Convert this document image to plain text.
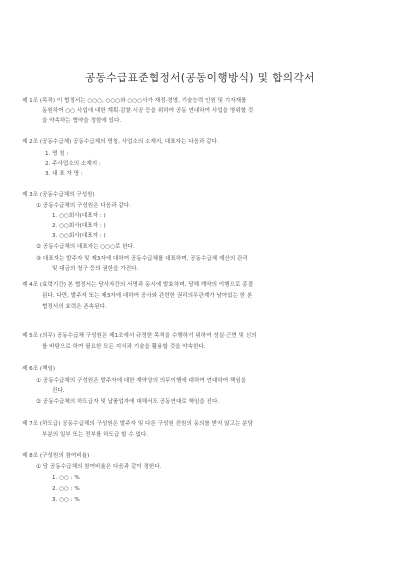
공동수급표준협정서(공동이행방식) 및 합의각서
제 1조 (목적) 이 협정서는 ○○○, ○○○와 ○○○사가 재정·경영, 기술능력 인원 및 기자재를
동원하여 ○○ 사업에 대한 계획·감찰·시공 등을 위하여 공동 연대하여 사업을 영위할 것
을 약속하는 협약을 정함에 있다.
제 2조 (공동수급체) 공동수급체의 명칭, 사업소의 소재지, 대표자는 다음과 같다.
1. 명 칭 :
2. 주사업소의 소재지 :
3. 대 표 자 명 :
제 3조 (공동수급체의 구성원)
① 공동수급체의 구성원은 다음과 같다.
1. ○○회사(대표자 : )
2. ○○회사(대표자 : )
3. ○○회사(대표자 : )
② 공동수급체의 대표자는 ○○○로 한다.
③ 대표자는 발주자 및 제3자에 대하여 공동수급체를 대표하며, 공동수급체 재산의 관리
및 대금의 청구 등의 권한을 가진다.
제 4조 (효력기간) 본 협정서는 당사자간의 서명과 동시에 발효하며, 당해 계약의 이행으로 종결
된다. 다만, 발주자 또는 제3자에 대하여 공사와 관련한 권리의무관계가 남아있는 한 본
협정서의 효력은 존속된다.
제 5조 (의무) 공동수급체 구성원은 제1조에서 규정한 목적을 수행하기 위하여 성실·근면 및 신의
를 바탕으로 하여 필요한 모든 지식과 기술을 활용할 것을 약속한다.
제 6조 (책임)
① 공동수급체의 구성원은 발주자에 대한 계약상의 의무이행에 대하여 연대하여 책임을
진다.
② 공동수급체의 하도급자 및 납품업자에 대해서도 공동연대로 책임을 진다.
제 7조 (하도급) 공동수급체의 구성원은 발주자 및 다른 구성원 전원의 동의를 받지 않고는 분담
부분의 일부 또는 전부를 하도급 할 수 없다.
제 8조 (구성원의 참여비율)
① 당 공동수급체의 참여비율은 다음과 같이 정한다.
1. ○○ : %
2. ○○ : %
3. ○○ : %
